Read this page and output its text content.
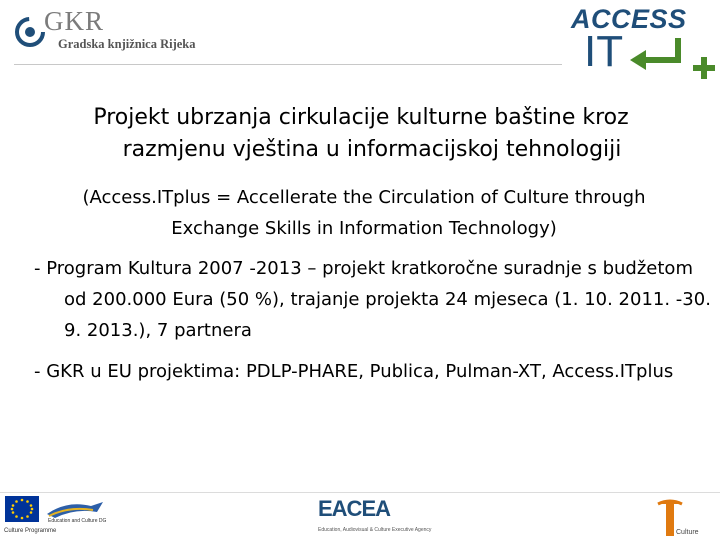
GKR
Gradska knjižnica Rijeka
ACCESS
IT
Projekt ubrzanja cirkulacije kulturne baštine kroz
razmjenu vještina u informacijskoj tehnologiji
(Access.ITplus = Accellerate the Circulation of Culture through
Exchange Skills in Information Technology)
- Program Kultura 2007 -2013 – projekt kratkoročne suradnje s budžetom od 200.000 Eura (50 %), trajanje projekta 24 mjeseca (1. 10. 2011. -30. 9. 2013.), 7 partnera
- GKR u EU projektima: PDLP-PHARE, Publica, Pulman-XT, Access.ITplus
Culture Programme
Education and Culture DG	EACEA
Education, Audiovisual & Culture Executive Agency	Culture
